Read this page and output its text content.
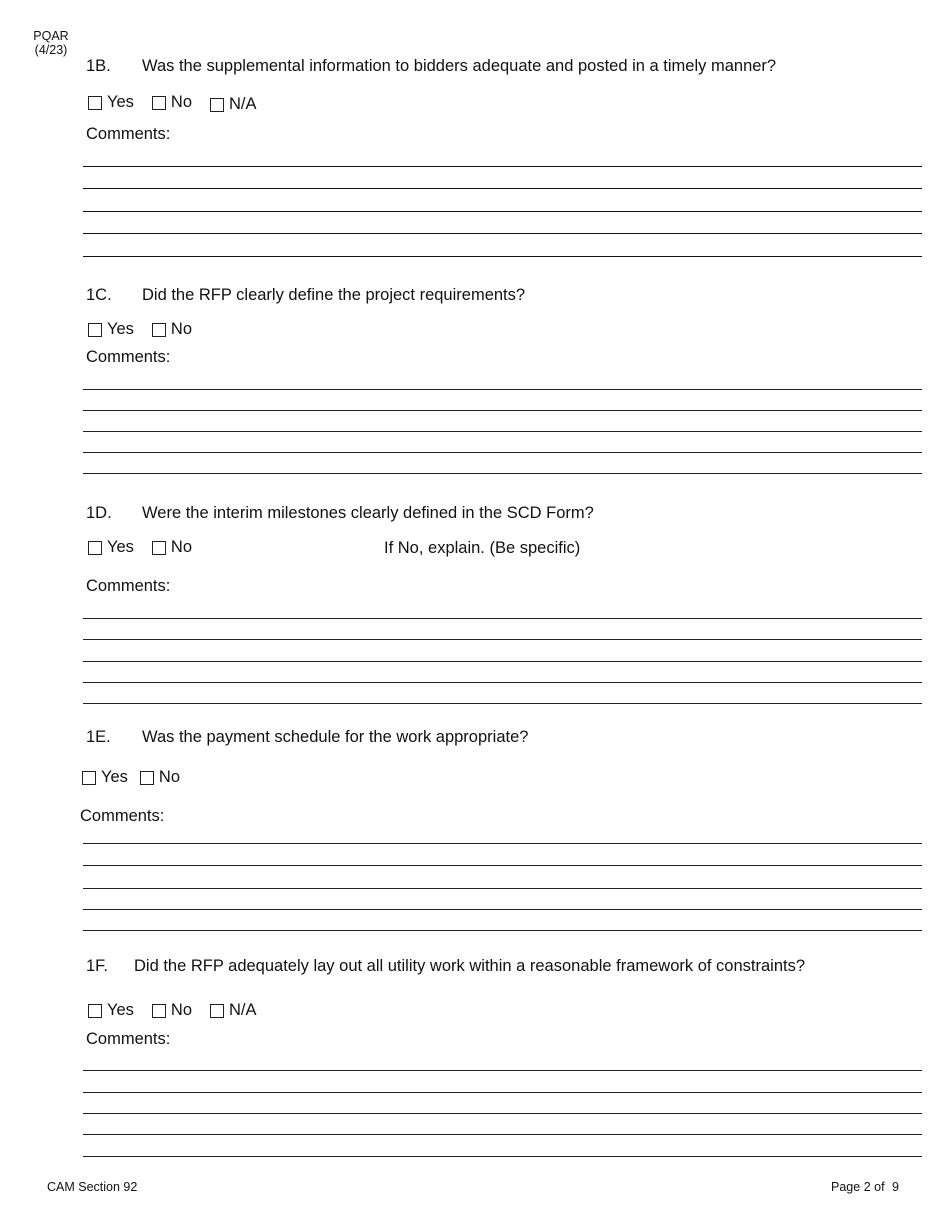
PQAR
(4/23)
1B. Was the supplemental information to bidders adequate and posted in a timely manner?
Yes No N/A
Comments:
1C. Did the RFP clearly define the project requirements?
Yes No
Comments:
1D. Were the interim milestones clearly defined in the SCD Form?
Yes No	If No, explain. (Be specific)
Comments:
1E. Was the payment schedule for the work appropriate?
Yes No
Comments:
1F. Did the RFP adequately lay out all utility work within a reasonable framework of constraints?
Yes No N/A
Comments:
CAM Section 92	Page 2 of 9
